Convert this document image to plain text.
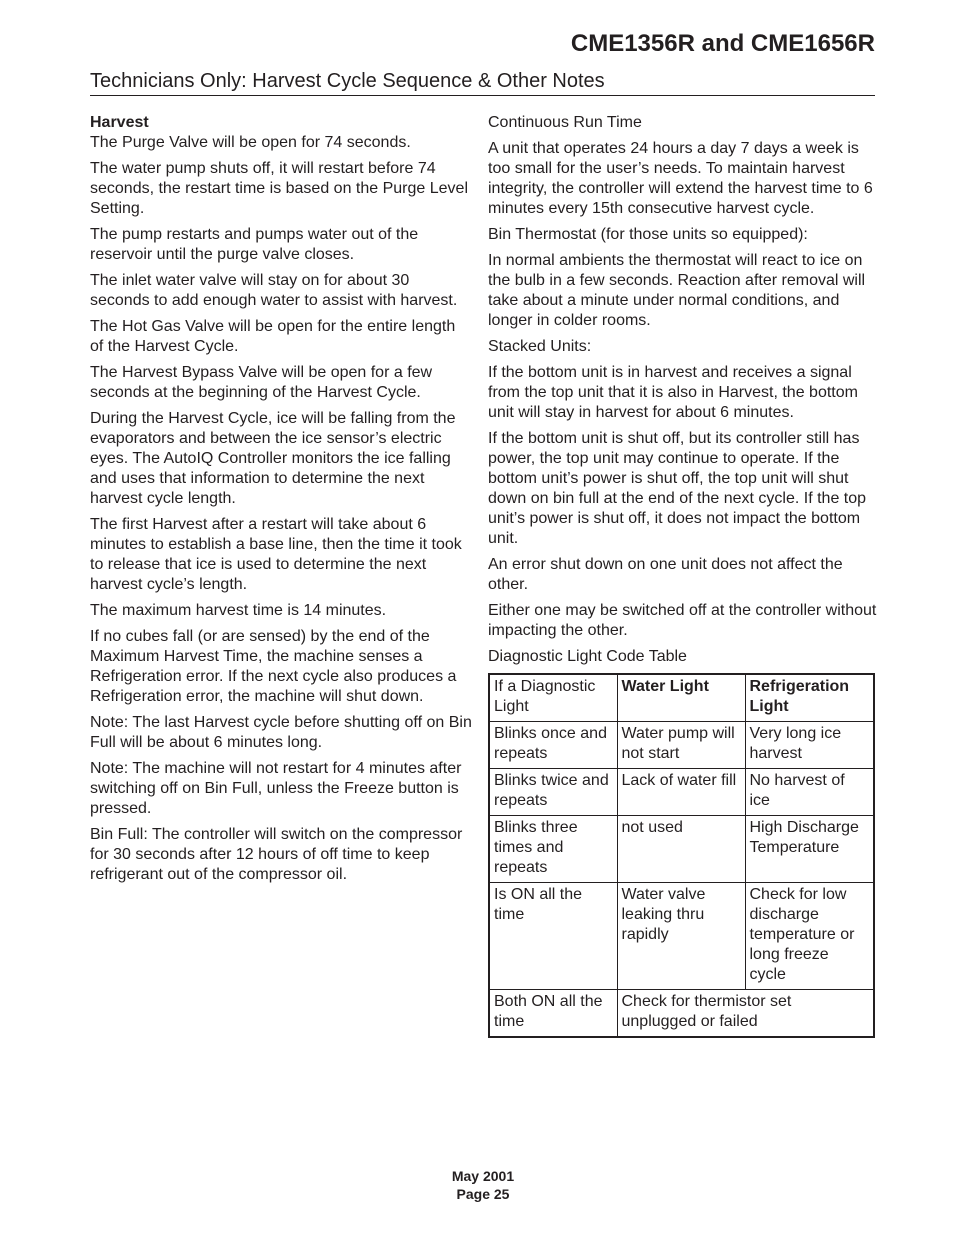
CME1356R and CME1656R
Technicians Only: Harvest Cycle Sequence & Other Notes
Harvest

The Purge Valve will be open for 74 seconds.

The water pump shuts off, it will restart before 74 seconds, the restart time is based on the Purge Level Setting.

The pump restarts and pumps water out of the reservoir until the purge valve closes.

The inlet water valve will stay on for about 30 seconds to add enough water to assist with harvest.

The Hot Gas Valve will be open for the entire length of the Harvest Cycle.

The Harvest Bypass Valve will be open for a few seconds at the beginning of the Harvest Cycle.

During the Harvest Cycle, ice will be falling from the evaporators and between the ice sensor’s electric eyes. The AutoIQ Controller monitors the ice falling and uses that information to determine the next harvest cycle length.

The first Harvest after a restart will take about 6 minutes to establish a base line, then the time it took to release that ice is used to determine the next harvest cycle’s length.

The maximum harvest time is 14 minutes.

If no cubes fall (or are sensed) by the end of the Maximum Harvest Time, the machine senses a Refrigeration error. If the next cycle also produces a Refrigeration error, the machine will shut down.

Note: The last Harvest cycle before shutting off on Bin Full will be about 6 minutes long.

Note: The machine will not restart for 4 minutes after switching off on Bin Full, unless the Freeze button is pressed.

Bin Full: The controller will switch on the compressor for 30 seconds after 12 hours of off time to keep refrigerant out of the compressor oil.

Continuous Run Time

A unit that operates 24 hours a day 7 days a week is too small for the user’s needs. To maintain harvest integrity, the controller will extend the harvest time to 6 minutes every 15th consecutive harvest cycle.

Bin Thermostat (for those units so equipped):

In normal ambients the thermostat will react to ice on the bulb in a few seconds. Reaction after removal will take about a minute under normal conditions, and longer in colder rooms.

Stacked Units:

If the bottom unit is in harvest and receives a signal from the top unit that it is also in Harvest, the bottom unit will stay in harvest for about 6 minutes.

If the bottom unit is shut off, but its controller still has power, the top unit may continue to operate. If the bottom unit’s power is shut off, the top unit will shut down on bin full at the end of the next cycle. If the top unit’s power is shut off, it does not impact the bottom unit.

An error shut down on one unit does not affect the other.

Either one may be switched off at the controller without impacting the other.

Diagnostic Light Code Table

If a Diagnostic Light	Water Light	Refrigeration Light
Blinks once and repeats	Water pump will not start	Very long ice harvest
Blinks twice and repeats	Lack of water fill	No harvest of ice
Blinks three times and repeats	not used	High Discharge Temperature
Is ON all the time	Water valve leaking thru rapidly	Check for low discharge temperature or long freeze cycle
Both ON all the time	Check for thermistor set unplugged or failed	
May 2001
Page 25
